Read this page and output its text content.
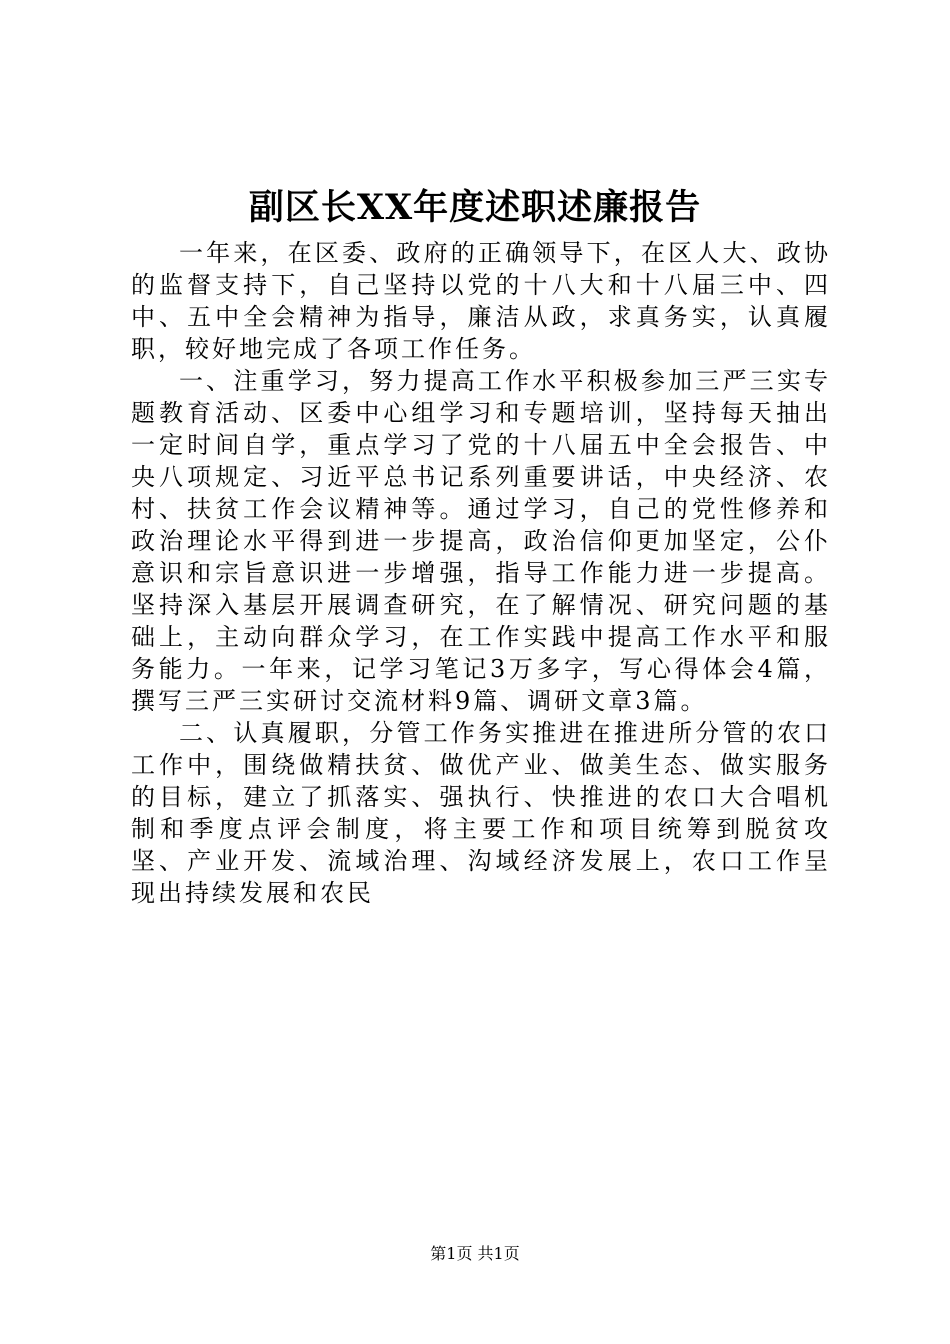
副区长XX年度述职述廉报告

一年来，在区委、政府的正确领导下，在区人大、政协的监督支持下，自己坚持以党的十八大和十八届三中、四中、五中全会精神为指导，廉洁从政，求真务实，认真履职，较好地完成了各项工作任务。

一、注重学习，努力提高工作水平积极参加三严三实专题教育活动、区委中心组学习和专题培训，坚持每天抽出一定时间自学，重点学习了党的十八届五中全会报告、中央八项规定、习近平总书记系列重要讲话，中央经济、农村、扶贫工作会议精神等。通过学习，自己的党性修养和政治理论水平得到进一步提高，政治信仰更加坚定，公仆意识和宗旨意识进一步增强，指导工作能力进一步提高。坚持深入基层开展调查研究，在了解情况、研究问题的基础上，主动向群众学习，在工作实践中提高工作水平和服务能力。一年来，记学习笔记3万多字，写心得体会4篇，撰写三严三实研讨交流材料9篇、调研文章3篇。

二、认真履职，分管工作务实推进在推进所分管的农口工作中，围绕做精扶贫、做优产业、做美生态、做实服务的目标，建立了抓落实、强执行、快推进的农口大合唱机制和季度点评会制度，将主要工作和项目统筹到脱贫攻坚、产业开发、流域治理、沟域经济发展上，农口工作呈现出持续发展和农民

第1页 共1页
